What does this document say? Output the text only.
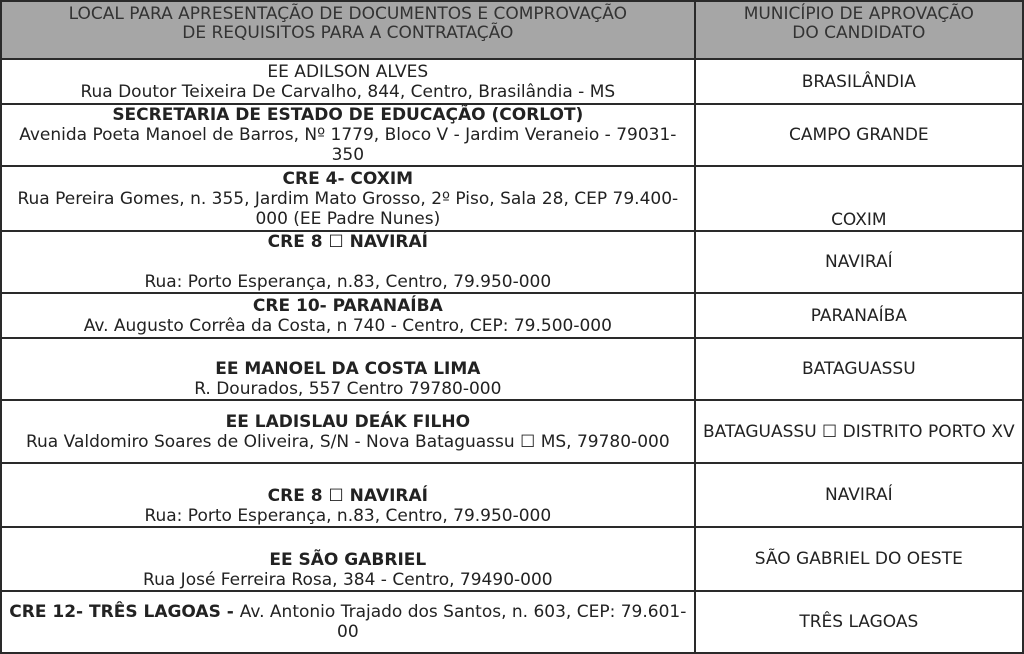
LOCAL PARA APRESENTAÇÃO DE DOCUMENTOS E COMPROVAÇÃO
DE REQUISITOS PARA A CONTRATAÇÃO	MUNICÍPIO DE APROVAÇÃO
DO CANDIDATO

EE ADILSON ALVES
Rua Doutor Teixeira De Carvalho, 844, Centro, Brasilândia - MS	BRASILÂNDIA

SECRETARIA DE ESTADO DE EDUCAÇÃO (CORLOT)
Avenida Poeta Manoel de Barros, Nº 1779, Bloco V - Jardim Veraneio - 79031-350	CAMPO GRANDE

CRE 4- COXIM
Rua Pereira Gomes, n. 355, Jardim Mato Grosso, 2º Piso, Sala 28, CEP 79.400-000 (EE Padre Nunes)	COXIM

CRE 8 ☐ NAVIRAÍ
Rua: Porto Esperança, n.83, Centro, 79.950-000	NAVIRAÍ

CRE 10- PARANAÍBA
Av. Augusto Corrêa da Costa, n 740 - Centro, CEP: 79.500-000	PARANAÍBA

EE MANOEL DA COSTA LIMA
R. Dourados, 557 Centro 79780-000	BATAGUASSU

EE LADISLAU DEÁK FILHO
Rua Valdomiro Soares de Oliveira, S/N - Nova Bataguassu ☐ MS, 79780-000	BATAGUASSU ☐ DISTRITO PORTO XV

CRE 8 ☐ NAVIRAÍ
Rua: Porto Esperança, n.83, Centro, 79.950-000	NAVIRAÍ

EE SÃO GABRIEL
Rua José Ferreira Rosa, 384 - Centro, 79490-000	SÃO GABRIEL DO OESTE
CRE 12- TRÊS LAGOAS - Av. Antonio Trajado dos Santos, n. 603, CEP: 79.601-00	TRÊS LAGOAS
